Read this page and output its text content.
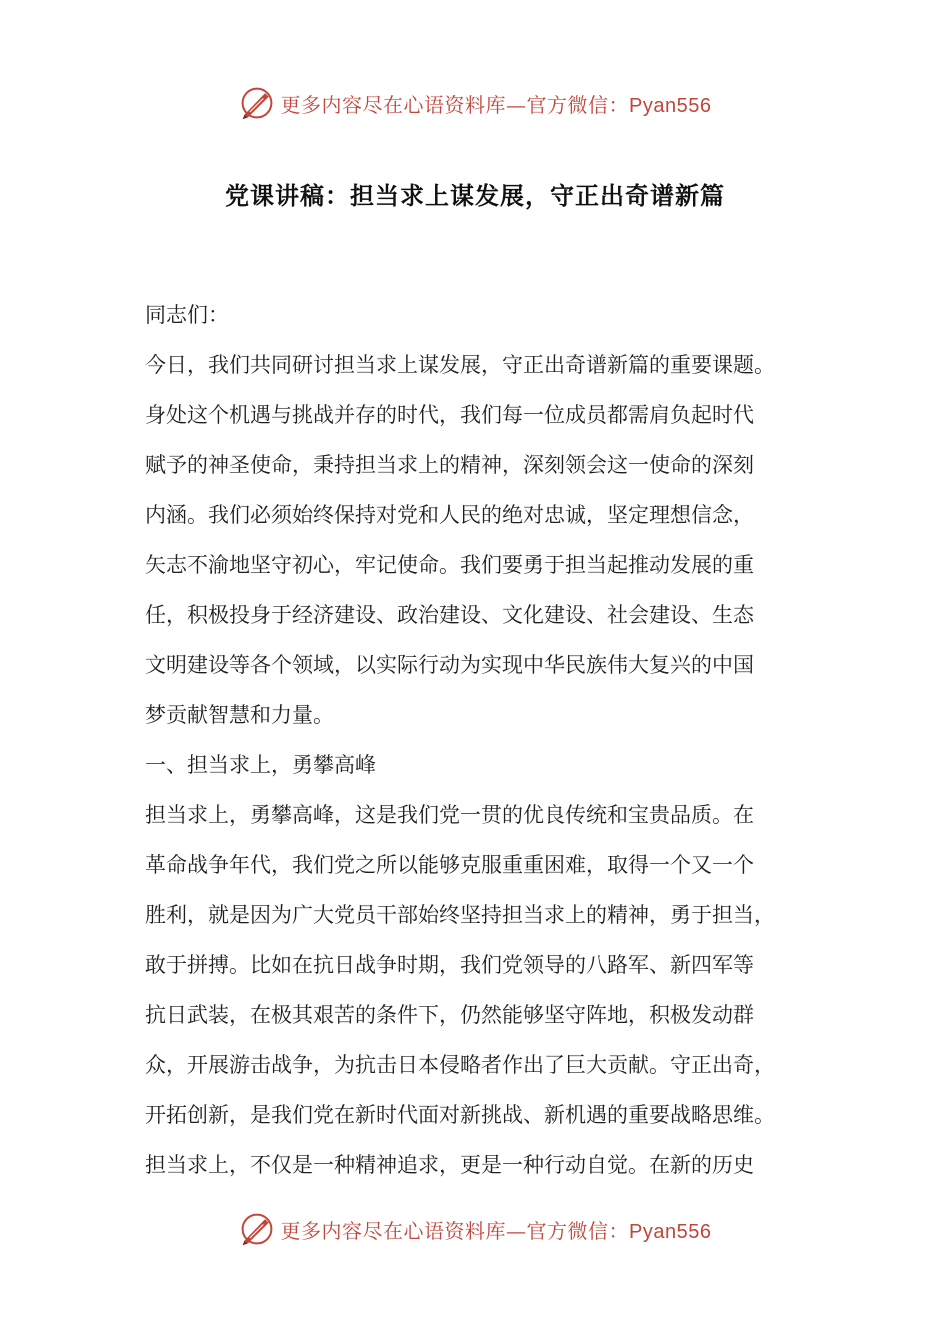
更多内容尽在心语资料库—官方微信：Pyan556
党课讲稿：担当求上谋发展，守正出奇谱新篇
同志们：
今日，我们共同研讨担当求上谋发展，守正出奇谱新篇的重要课题。
身处这个机遇与挑战并存的时代，我们每一位成员都需肩负起时代
赋予的神圣使命，秉持担当求上的精神，深刻领会这一使命的深刻
内涵。我们必须始终保持对党和人民的绝对忠诚，坚定理想信念，
矢志不渝地坚守初心，牢记使命。我们要勇于担当起推动发展的重
任，积极投身于经济建设、政治建设、文化建设、社会建设、生态
文明建设等各个领域，以实际行动为实现中华民族伟大复兴的中国
梦贡献智慧和力量。
一、担当求上，勇攀高峰
担当求上，勇攀高峰，这是我们党一贯的优良传统和宝贵品质。在
革命战争年代，我们党之所以能够克服重重困难，取得一个又一个
胜利，就是因为广大党员干部始终坚持担当求上的精神，勇于担当，
敢于拼搏。比如在抗日战争时期，我们党领导的八路军、新四军等
抗日武装，在极其艰苦的条件下，仍然能够坚守阵地，积极发动群
众，开展游击战争，为抗击日本侵略者作出了巨大贡献。守正出奇，
开拓创新，是我们党在新时代面对新挑战、新机遇的重要战略思维。
担当求上，不仅是一种精神追求，更是一种行动自觉。在新的历史
更多内容尽在心语资料库—官方微信：Pyan556
